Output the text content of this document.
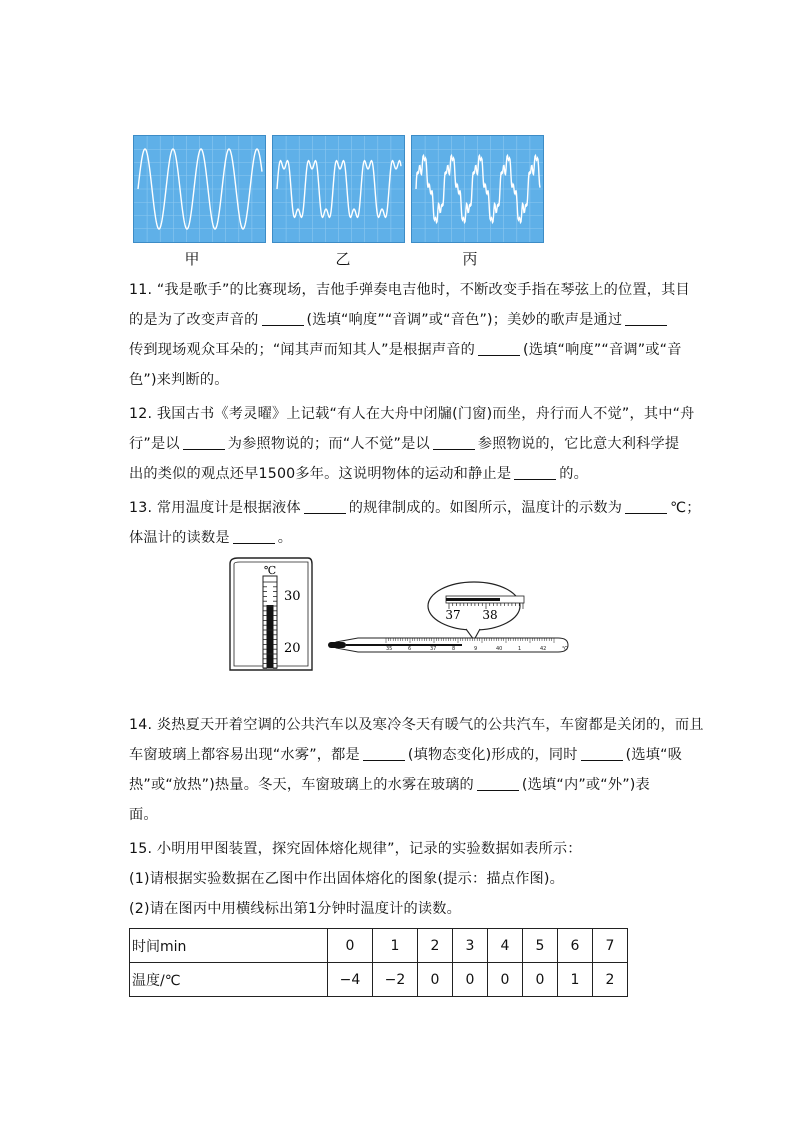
甲	乙	丙
11. “我是歌手”的比赛现场，吉他手弹奏电吉他时，不断改变手指在琴弦上的位置，其目
的是为了改变声音的	(选填“响度”“音调”或“音色”)；美妙的歌声是通过
传到现场观众耳朵的；“闻其声而知其人”是根据声音的	(选填“响度”“音调”或“音
色”)来判断的。
12. 我国古书《考灵曜》上记载“有人在大舟中闭牖(门窗)而坐，舟行而人不觉”，其中“舟
行”是以	为参照物说的；而“人不觉”是以	参照物说的，它比意大利科学提
出的类似的观点还早1500多年。这说明物体的运动和静止是	的。
13. 常用温度计是根据液体	的规律制成的。如图所示，温度计的示数为	℃；
体温计的读数是	。
℃
30
20
37 38
35	6	37	8	9	40	1	42	℃
14. 炎热夏天开着空调的公共汽车以及寒冷冬天有暖气的公共汽车，车窗都是关闭的，而且
车窗玻璃上都容易出现“水雾”，都是	(填物态变化)形成的，同时	(选填“吸
热”或“放热”)热量。冬天，车窗玻璃上的水雾在玻璃的	(选填“内”或“外”)表
面。
15. 小明用甲图装置，探究固体熔化规律”，记录的实验数据如表所示：
(1)请根据实验数据在乙图中作出固体熔化的图象(提示：描点作图)。
(2)请在图丙中用横线标出第1分钟时温度计的读数。
时间min	0	1	2	3	4	5	6	7
温度/℃	−4	−2	0	0	0	0	1	2
